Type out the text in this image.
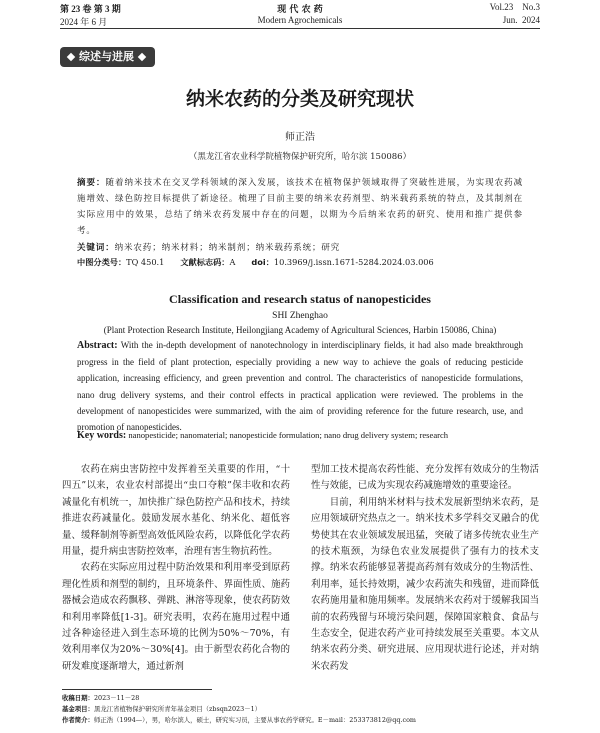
第 23 卷 第 3 期
2024 年 6 月
现 代 农 药
Modern Agrochemicals
Vol.23    No.3
Jun.  2024
综述与进展
纳米农药的分类及研究现状
师正浩
（黑龙江省农业科学院植物保护研究所，哈尔滨 150086）
摘要：随着纳米技术在交叉学科领域的深入发展，该技术在植物保护领域取得了突破性进展，为实现农药减施增效、绿色防控目标提供了新途径。梳理了目前主要的纳米农药剂型、纳米载药系统的特点，及其制剂在实际应用中的效果，总结了纳米农药发展中存在的问题，以期为今后纳米农药的研究、使用和推广提供参考。
关键词：纳米农药；纳米材料；纳米制剂；纳米载药系统；研究
中图分类号：TQ 450.1 文献标志码：A doi：10.3969/j.issn.1671-5284.2024.03.006
Classification and research status of nanopesticides
SHI Zhenghao
(Plant Protection Research Institute, Heilongjiang Academy of Agricultural Sciences, Harbin 150086, China)
Abstract: With the in-depth development of nanotechnology in interdisciplinary fields, it had also made breakthrough progress in the field of plant protection, especially providing a new way to achieve the goals of reducing pesticide application, increasing efficiency, and green prevention and control. The characteristics of nanopesticide formulations, nano drug delivery systems, and their control effects in practical application were reviewed. The problems in the development of nanopesticides were summarized, with the aim of providing reference for the future research, use, and promotion of nanopesticides.
Key words: nanopesticide; nanomaterial; nanopesticide formulation; nano drug delivery system; research

农药在病虫害防控中发挥着至关重要的作用，“十四五”以来，农业农村部提出“虫口夺粮”保丰收和农药减量化有机统一，加快推广绿色防控产品和技术，持续推进农药减量化。鼓励发展水基化、纳米化、超低容量、缓释制剂等新型高效低风险农药，以降低化学农药用量，提升病虫害防控效率，治理有害生物抗药性。

农药在实际应用过程中防治效果和利用率受到原药理化性质和剂型的制约，且环境条件、界面性质、施药器械会造成农药飘移、弹跳、淋溶等现象，使农药防效和利用率降低[1-3]。研究表明，农药在施用过程中通过各种途径进入到生态环境的比例为50%～70%，有效利用率仅为20%～30%[4]。由于新型农药化合物的研发难度逐渐增大，通过新剂

型加工技术提高农药性能、充分发挥有效成分的生物活性与效能，已成为实现农药减施增效的重要途径。

目前，利用纳米材料与技术发展新型纳米农药，是应用领域研究热点之一。纳米技术多学科交叉融合的优势使其在农业领域发展迅猛，突破了诸多传统农业生产的技术瓶颈，为绿色农业发展提供了强有力的技术支撑。纳米农药能够显著提高药剂有效成分的生物活性、利用率，延长持效期，减少农药流失和残留，进而降低农药施用量和施用频率。发展纳米农药对于缓解我国当前的农药残留与环境污染问题，保障国家粮食、食品与生态安全，促进农药产业可持续发展至关重要。本文从纳米农药分类、研究进展、应用现状进行论述，并对纳米农药发

收稿日期：2023－11－28
基金项目：黑龙江省植物保护研究所青年基金项目（zbsqn2023－1）
作者简介：师正浩（1994—），男，哈尔滨人，硕士，研究实习员，主要从事农药学研究。E－mail：253373812@qq.com
